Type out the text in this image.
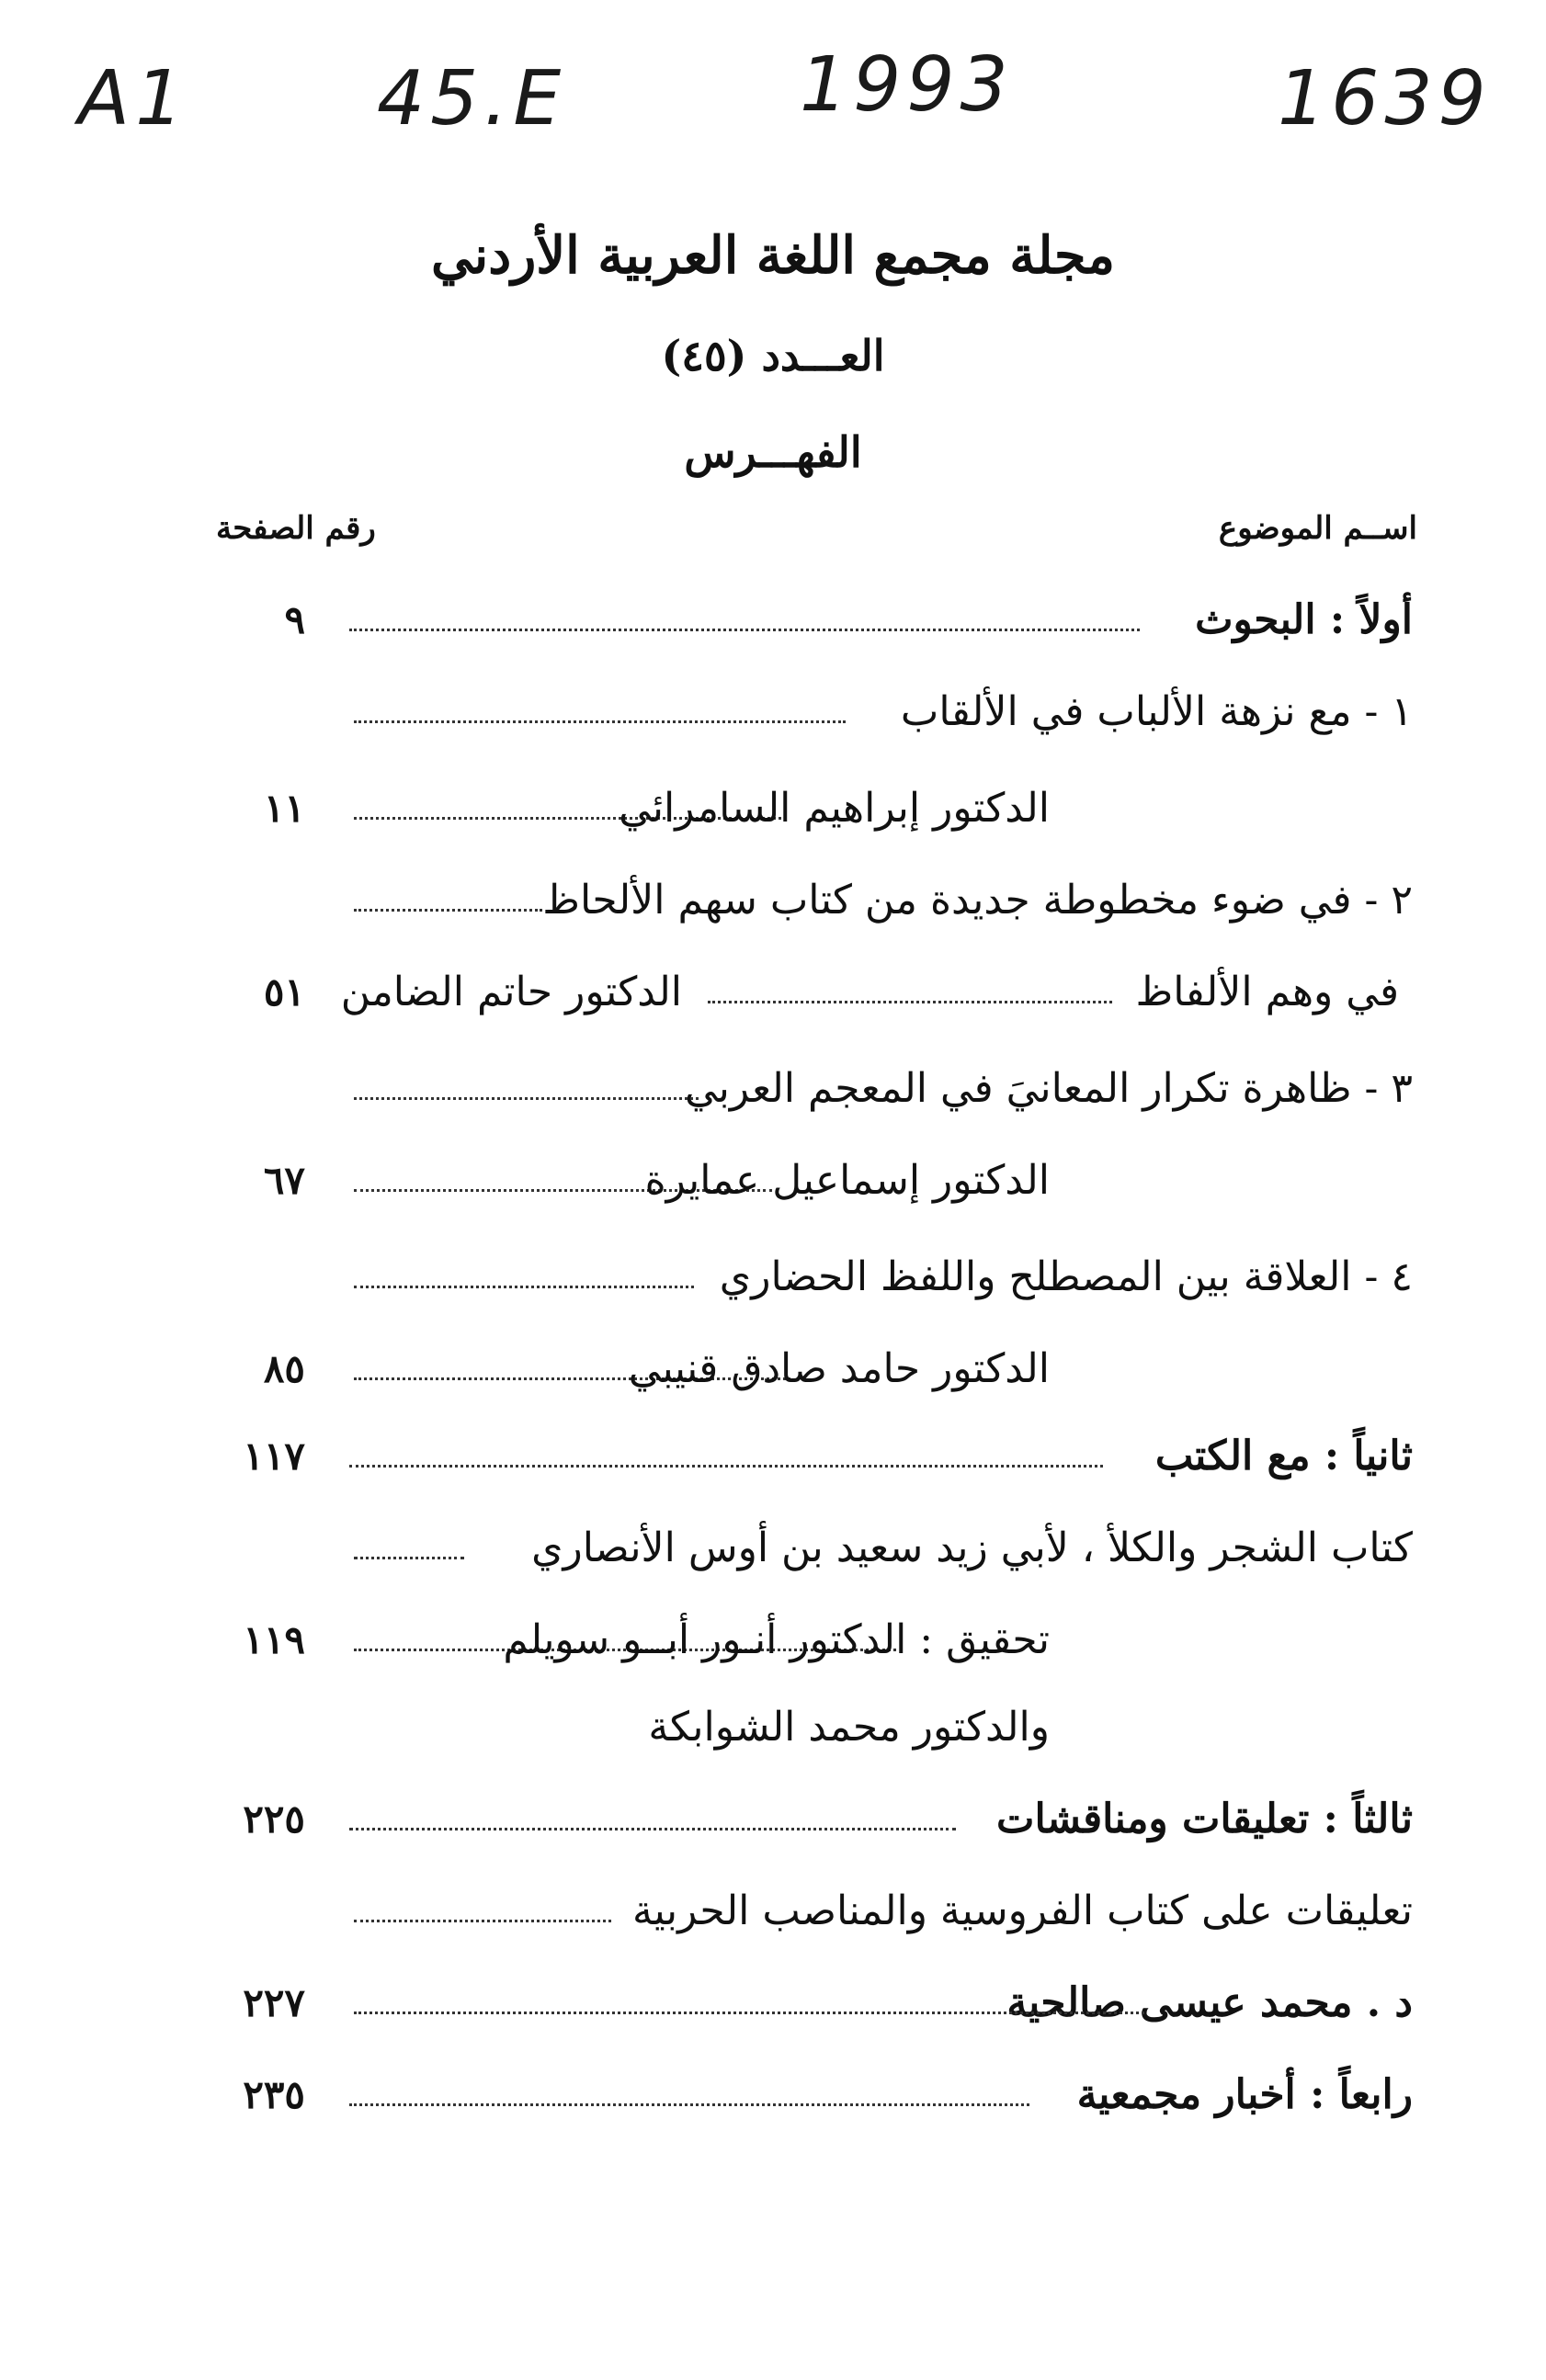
A1 45.E	1993	1639
مجلة مجمع اللغة العربية الأردني
العـــدد (٤٥)
الفهـــرس
اســم الموضوع
رقم الصفحة
أولاً : البحوث
٩
١ - مع نزهة الألباب في الألقاب
الدكتور إبراهيم السامرائي
١١
٢ - في ضوء مخطوطة جديدة من كتاب سهم الألحاظ
في وهم الألفاظ
الدكتور حاتم الضامن
٥١
٣ - ظاهرة تكرار المعانيَ في المعجم العربي
الدكتور إسماعيل عمايرة
٦٧
٤ - العلاقة بين المصطلح واللفظ الحضاري
الدكتور حامد صادق قنيبي
٨٥
ثانياً : مع الكتب
١١٧
كتاب الشجر والكلأ ، لأبي زيد سعيد بن أوس الأنصاري
تحقيق : الدكتور أنـور أبــو سويلم
١١٩
والدكتور محمد الشوابكة
ثالثاً : تعليقات ومناقشات
٢٢٥
تعليقات على كتاب الفروسية والمناصب الحربية
د . محمد عيسى صالحية
٢٢٧
رابعاً : أخبار مجمعية
٢٣٥
